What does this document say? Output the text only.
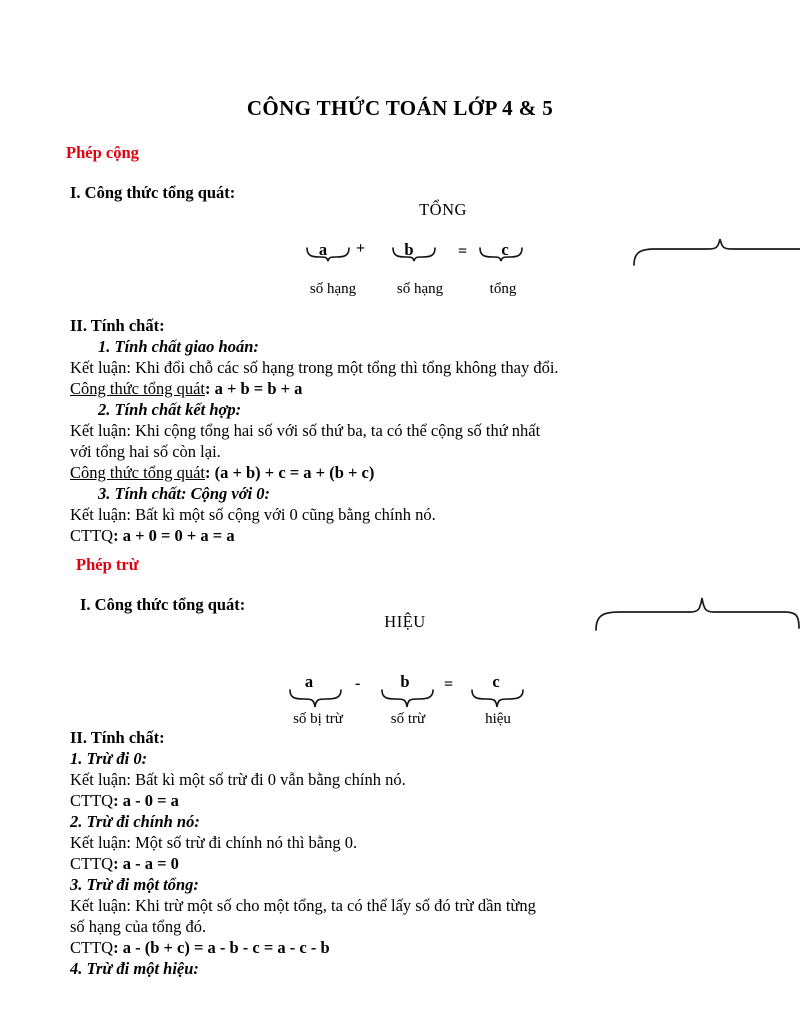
CÔNG THỨC TOÁN LỚP 4 & 5
Phép cộng
I. Công thức tổng quát:
TỔNG
a	+	b	=	c
số hạng	số hạng	tổng
II. Tính chất:
1. Tính chất giao hoán:
Kết luận: Khi đổi chỗ các số hạng trong một tổng thì tổng không thay đổi.
Công thức tổng quát: a + b = b + a
2. Tính chất kết hợp:
Kết luận: Khi cộng tổng hai số với số thứ ba, ta có thể cộng số thứ nhất
với tổng hai số còn lại.
Công thức tổng quát: (a + b) + c = a + (b + c)
3. Tính chất: Cộng với 0:
Kết luận: Bất kì một số cộng với 0 cũng bằng chính nó.
CTTQ: a + 0 = 0 + a = a
Phép trừ
I. Công thức tổng quát:
HIỆU
a	-	b	=	c
số bị trừ	số trừ	hiệu
II. Tính chất:
1. Trừ đi 0:
Kết luận: Bất kì một số trừ đi 0 vẫn bằng chính nó.
CTTQ: a - 0 = a
2. Trừ đi chính nó:
Kết luận: Một số trừ đi chính nó thì bằng 0.
CTTQ: a - a = 0
3. Trừ đi một tổng:
Kết luận: Khi trừ một số cho một tổng, ta có thể lấy số đó trừ dần từng
số hạng của tổng đó.
CTTQ: a - (b + c) = a - b - c = a - c - b
4. Trừ đi một hiệu:
